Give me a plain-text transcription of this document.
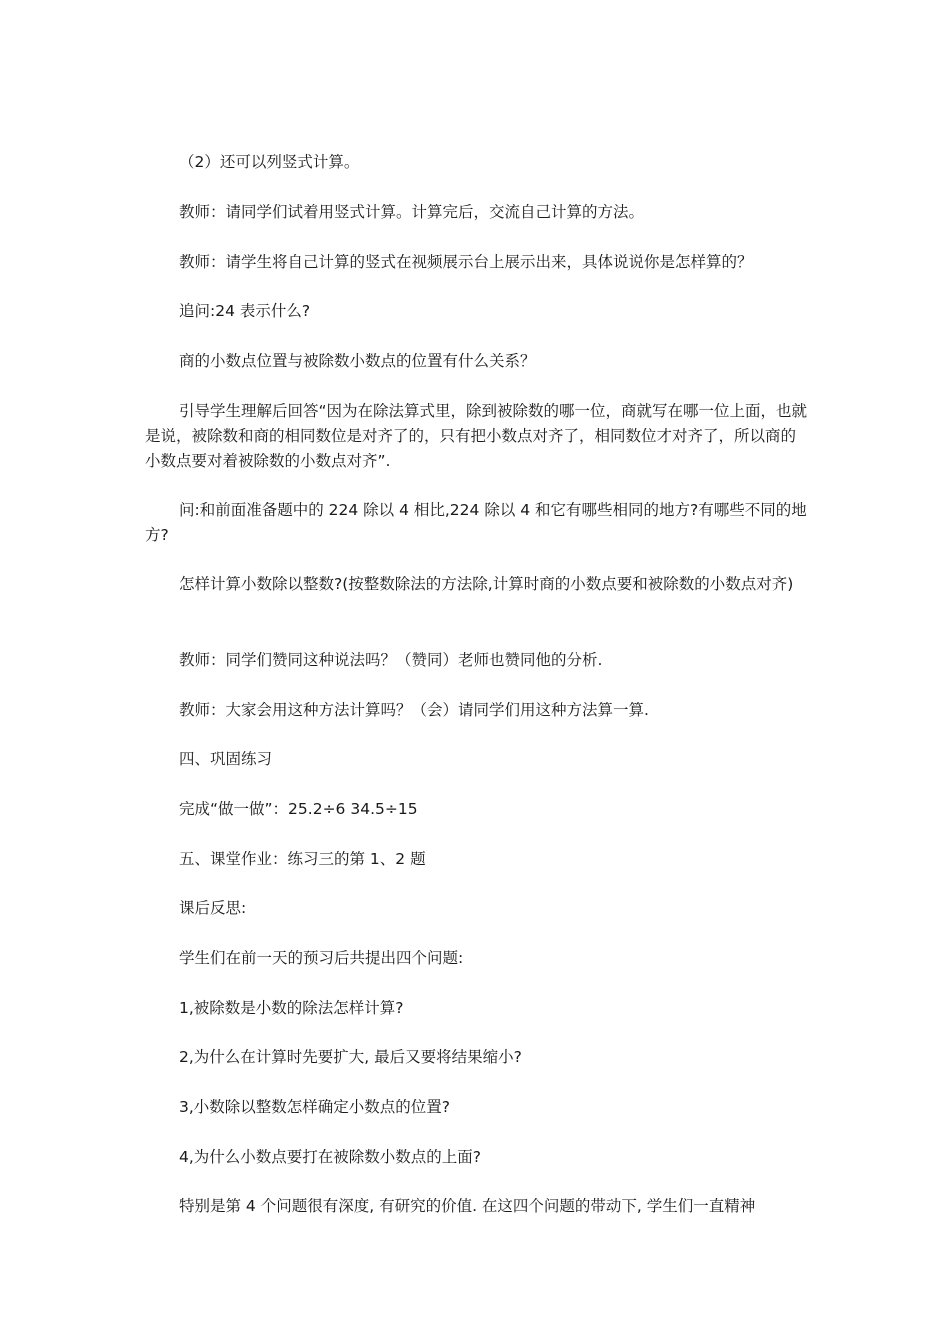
（2）还可以列竖式计算。

教师：请同学们试着用竖式计算。计算完后，交流自己计算的方法。

教师：请学生将自己计算的竖式在视频展示台上展示出来，具体说说你是怎样算的？

追问:24 表示什么?

商的小数点位置与被除数小数点的位置有什么关系？

引导学生理解后回答“因为在除法算式里，除到被除数的哪一位，商就写在哪一位上面，也就是说，被除数和商的相同数位是对齐了的，只有把小数点对齐了，相同数位才对齐了，所以商的小数点要对着被除数的小数点对齐”.

问:和前面准备题中的 224 除以 4 相比,224 除以 4 和它有哪些相同的地方?有哪些不同的地方?

怎样计算小数除以整数?(按整数除法的方法除,计算时商的小数点要和被除数的小数点对齐)

教师：同学们赞同这种说法吗？（赞同）老师也赞同他的分析.

教师：大家会用这种方法计算吗？（会）请同学们用这种方法算一算.

四、巩固练习

完成“做一做”：25.2÷6 34.5÷15

五、课堂作业：练习三的第 1、2 题

课后反思:

学生们在前一天的预习后共提出四个问题:

1,被除数是小数的除法怎样计算?

2,为什么在计算时先要扩大, 最后又要将结果缩小?

3,小数除以整数怎样确定小数点的位置?

4,为什么小数点要打在被除数小数点的上面?

特别是第 4 个问题很有深度, 有研究的价值. 在这四个问题的带动下, 学生们一直精神
